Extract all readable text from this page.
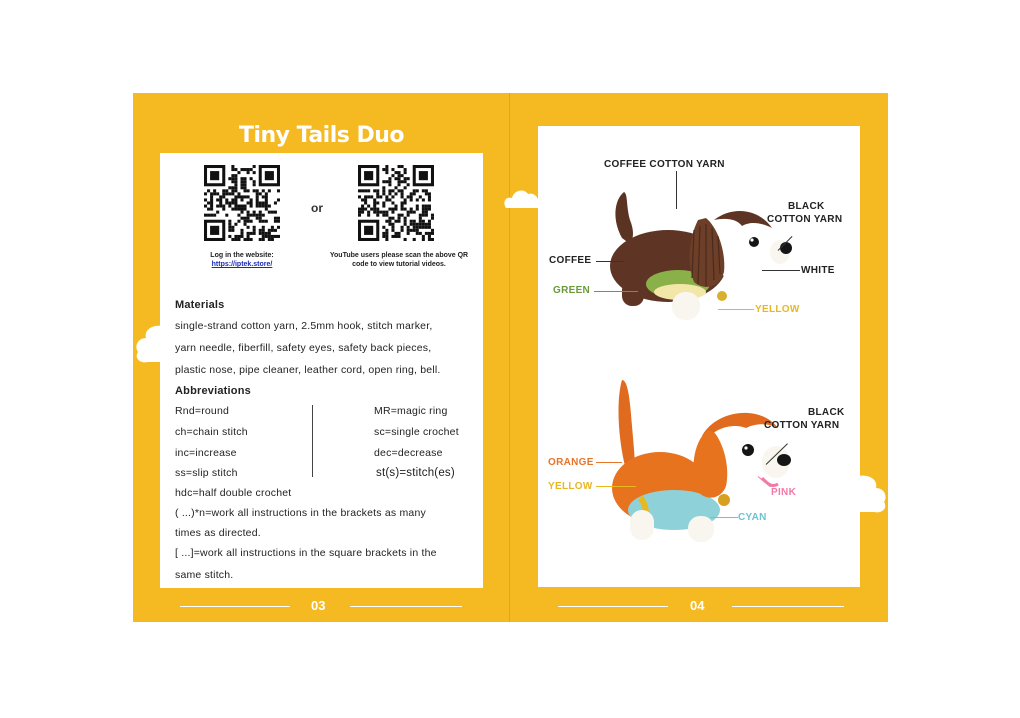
Tiny Tails Duo
or
Log in the website:
https://iptek.store/
YouTube users please scan the above QR code to view tutorial videos.
Materials
single-strand cotton yarn, 2.5mm hook, stitch marker,
yarn needle, fiberfill, safety eyes, safety back pieces,
plastic nose, pipe cleaner, leather cord, open ring, bell.
Abbreviations
Rnd=round
ch=chain stitch
inc=increase
ss=slip stitch
MR=magic ring
sc=single crochet
dec=decrease
st(s)=stitch(es)
hdc=half double crochet
( ...)*n=work all instructions in the brackets as many
times as directed.
[ ...]=work all instructions in the square brackets in the
same stitch.
03
COFFEE COTTON YARN
BLACK
COTTON YARN
COFFEE
WHITE
GREEN
YELLOW
BLACK
COTTON YARN
ORANGE
PINK
YELLOW
CYAN
04
